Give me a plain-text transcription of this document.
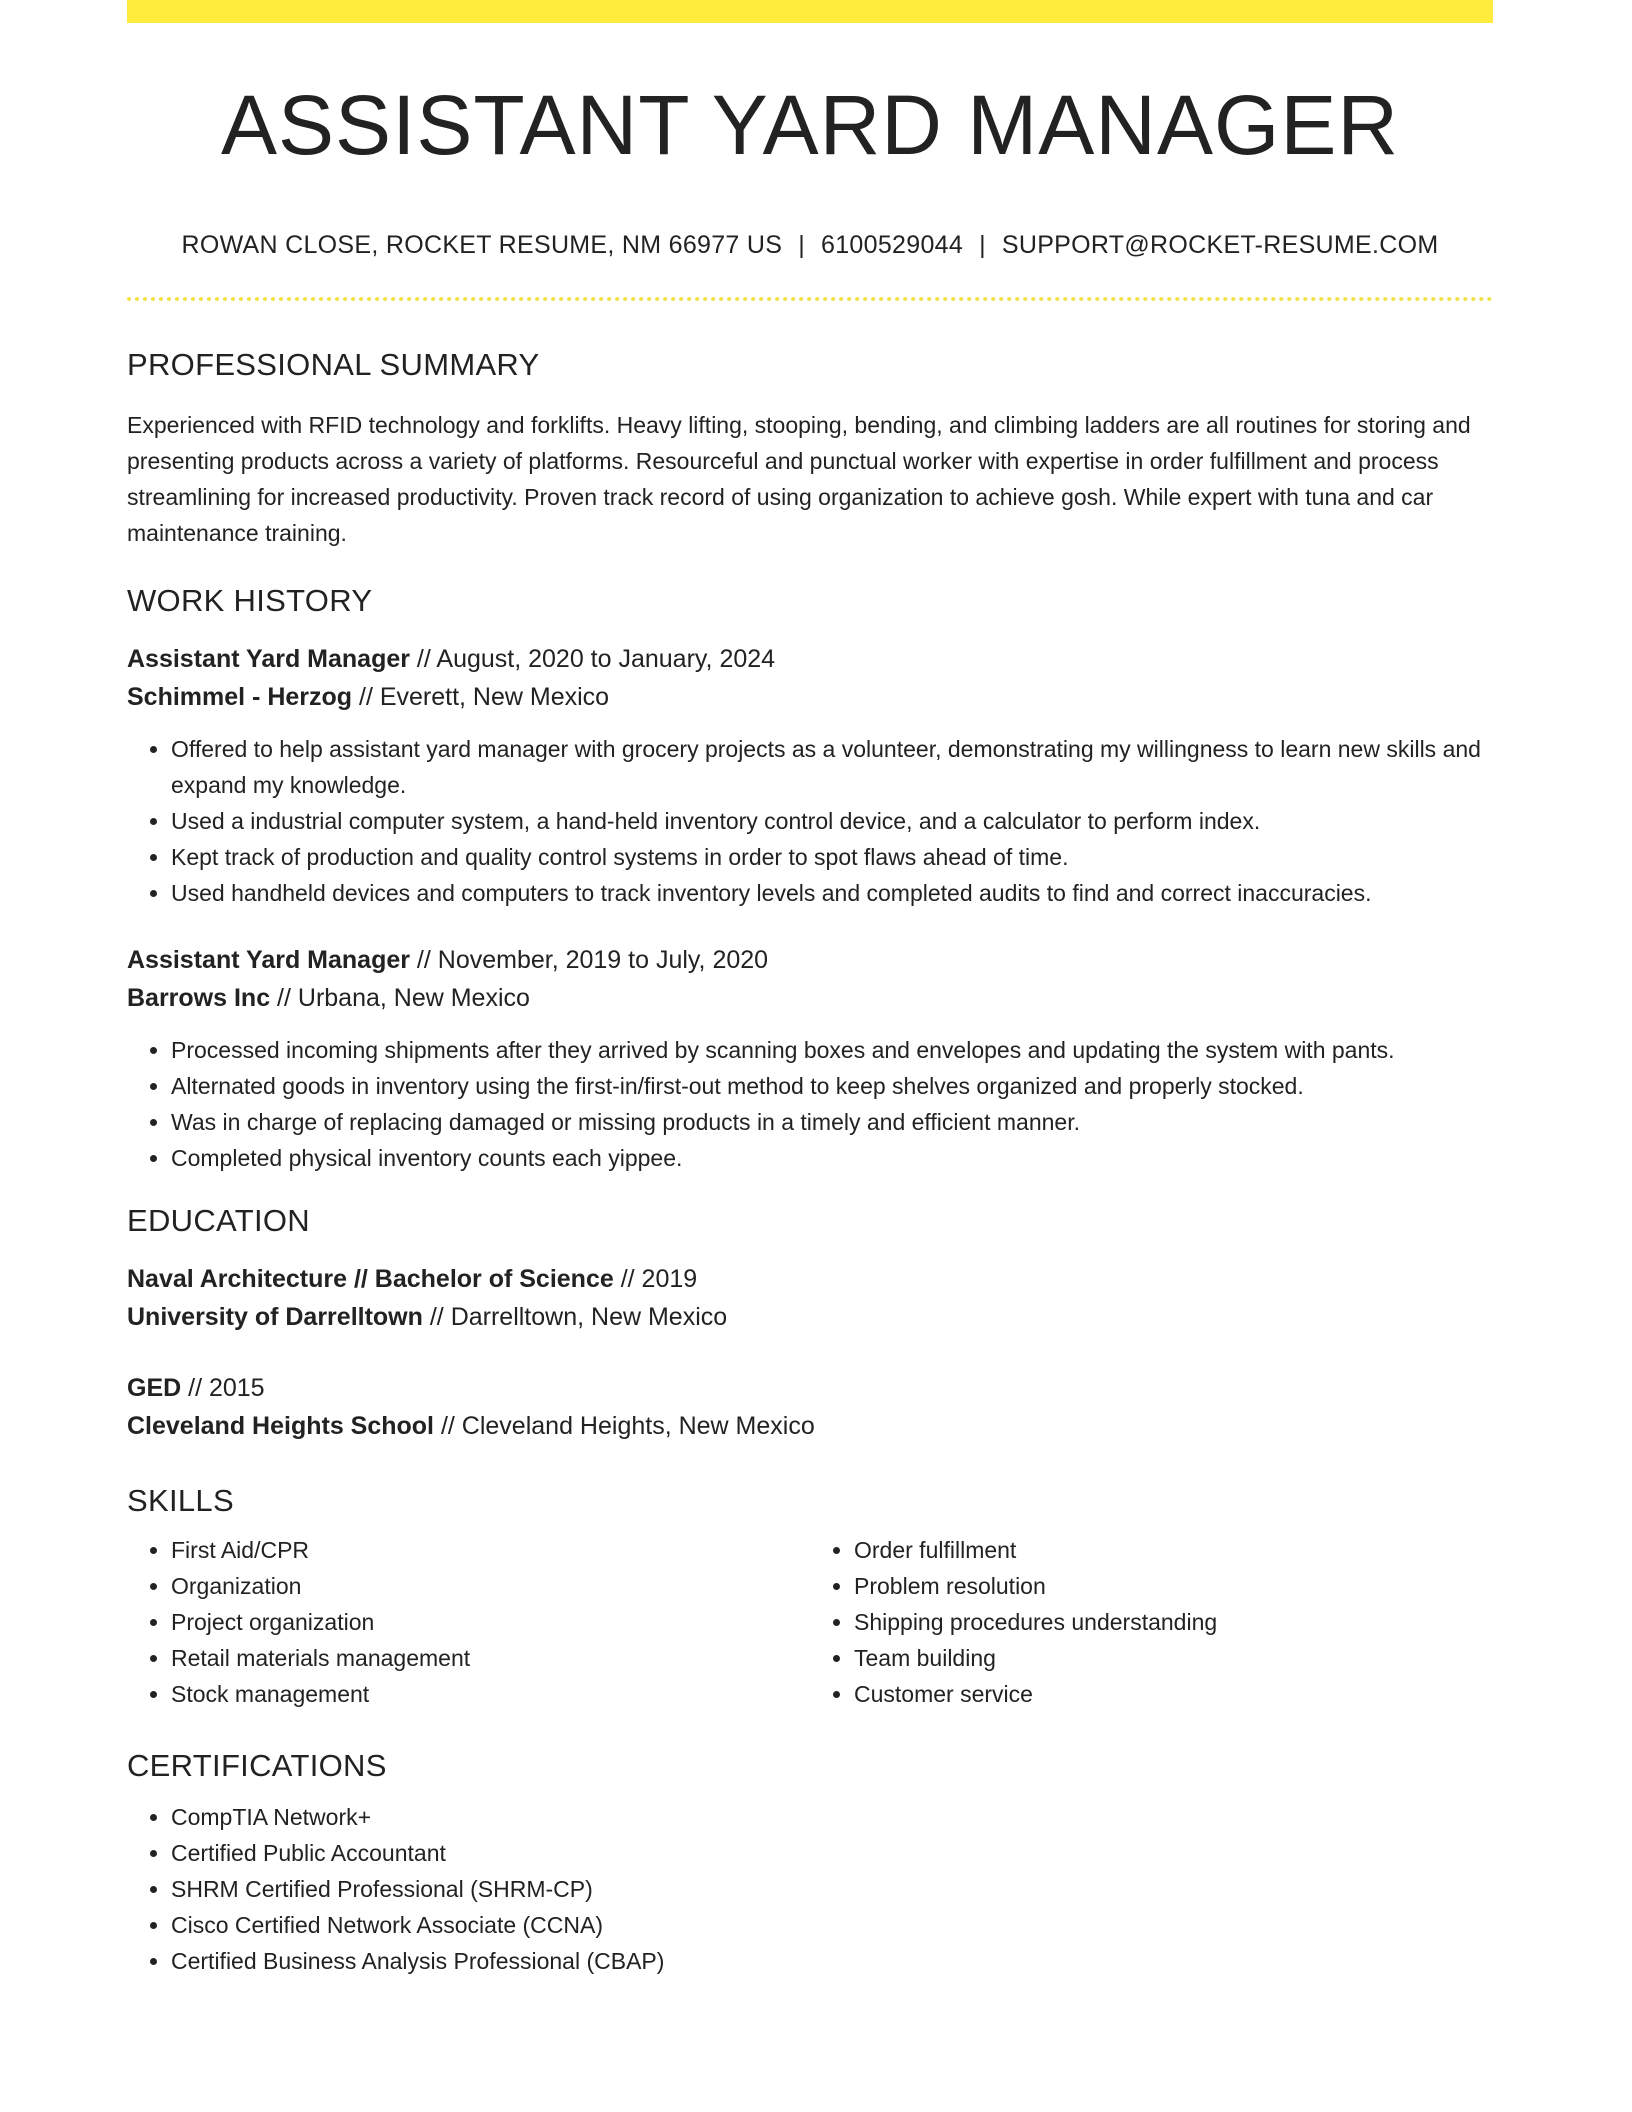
ASSISTANT YARD MANAGER
ROWAN CLOSE, ROCKET RESUME, NM 66977 US | 6100529044 | SUPPORT@ROCKET-RESUME.COM
PROFESSIONAL SUMMARY

Experienced with RFID technology and forklifts. Heavy lifting, stooping, bending, and climbing ladders are all routines for storing and presenting products across a variety of platforms. Resourceful and punctual worker with expertise in order fulfillment and process streamlining for increased productivity. Proven track record of using organization to achieve gosh. While expert with tuna and car maintenance training.

WORK HISTORY
Assistant Yard Manager // August, 2020 to January, 2024
Schimmel - Herzog // Everett, New Mexico
• Offered to help assistant yard manager with grocery projects as a volunteer, demonstrating my willingness to learn new skills and expand my knowledge.
• Used a industrial computer system, a hand-held inventory control device, and a calculator to perform index.
• Kept track of production and quality control systems in order to spot flaws ahead of time.
• Used handheld devices and computers to track inventory levels and completed audits to find and correct inaccuracies.
Assistant Yard Manager // November, 2019 to July, 2020
Barrows Inc // Urbana, New Mexico
• Processed incoming shipments after they arrived by scanning boxes and envelopes and updating the system with pants.
• Alternated goods in inventory using the first-in/first-out method to keep shelves organized and properly stocked.
• Was in charge of replacing damaged or missing products in a timely and efficient manner.
• Completed physical inventory counts each yippee.
EDUCATION
Naval Architecture // Bachelor of Science // 2019
University of Darrelltown // Darrelltown, New Mexico
GED // 2015
Cleveland Heights School // Cleveland Heights, New Mexico
SKILLS
• First Aid/CPR
• Organization
• Project organization
• Retail materials management
• Stock management
• Order fulfillment
• Problem resolution
• Shipping procedures understanding
• Team building
• Customer service
CERTIFICATIONS
• CompTIA Network+
• Certified Public Accountant
• SHRM Certified Professional (SHRM-CP)
• Cisco Certified Network Associate (CCNA)
• Certified Business Analysis Professional (CBAP)
